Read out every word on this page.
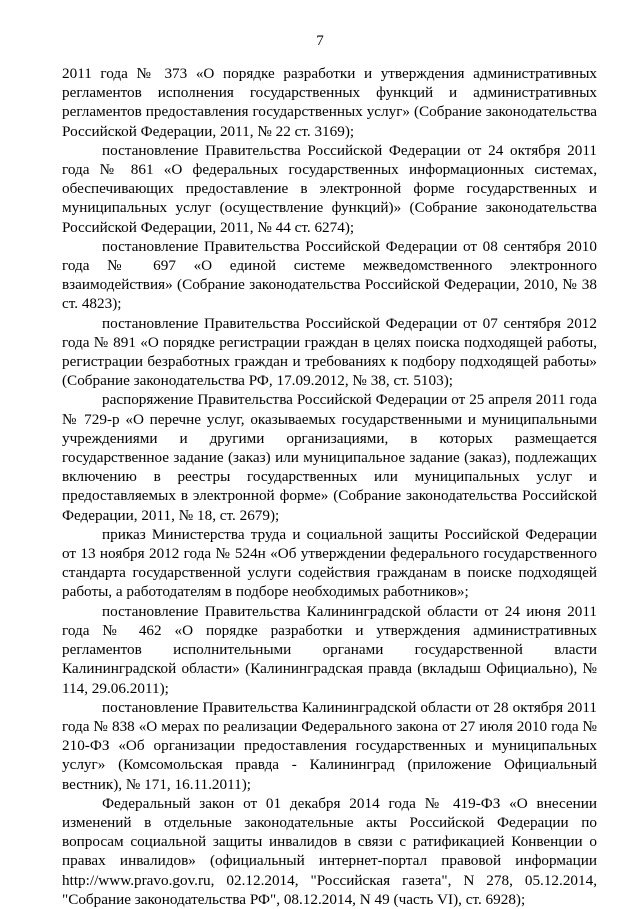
7

2011 года № 373 «О порядке разработки и утверждения административных регламентов исполнения государственных функций и административных регламентов предоставления государственных услуг» (Собрание законодательства Российской Федерации, 2011, № 22 ст. 3169);

постановление Правительства Российской Федерации от 24 октября 2011 года № 861 «О федеральных государственных информационных системах, обеспечивающих предоставление в электронной форме государственных и муниципальных услуг (осуществление функций)» (Собрание законодательства Российской Федерации, 2011, № 44 ст. 6274);

постановление Правительства Российской Федерации от 08 сентября 2010 года № 697 «О единой системе межведомственного электронного взаимодействия» (Собрание законодательства Российской Федерации, 2010, № 38 ст. 4823);

постановление Правительства Российской Федерации от 07 сентября 2012 года № 891 «О порядке регистрации граждан в целях поиска подходящей работы, регистрации безработных граждан и требованиях к подбору подходящей работы» (Собрание законодательства РФ, 17.09.2012, № 38, ст. 5103);

распоряжение Правительства Российской Федерации от 25 апреля 2011 года № 729-р «О перечне услуг, оказываемых государственными и муниципальными учреждениями и другими организациями, в которых размещается государственное задание (заказ) или муниципальное задание (заказ), подлежащих включению в реестры государственных или муниципальных услуг и предоставляемых в электронной форме» (Собрание законодательства Российской Федерации, 2011, № 18, ст. 2679);

приказ Министерства труда и социальной защиты Российской Федерации от 13 ноября 2012 года № 524н «Об утверждении федерального государственного стандарта государственной услуги содействия гражданам в поиске подходящей работы, а работодателям в подборе необходимых работников»;

постановление Правительства Калининградской области от 24 июня 2011 года № 462 «О порядке разработки и утверждения административных регламентов исполнительными органами государственной власти Калининградской области» (Калининградская правда (вкладыш Официально), № 114, 29.06.2011);

постановление Правительства Калининградской области от 28 октября 2011 года № 838 «О мерах по реализации Федерального закона от 27 июля 2010 года № 210-ФЗ «Об организации предоставления государственных и муниципальных услуг» (Комсомольская правда - Калининград (приложение Официальный вестник), № 171, 16.11.2011);

Федеральный закон от 01 декабря 2014 года № 419-ФЗ «О внесении изменений в отдельные законодательные акты Российской Федерации по вопросам социальной защиты инвалидов в связи с ратификацией Конвенции о правах инвалидов» (официальный интернет-портал правовой информации http://www.pravo.gov.ru, 02.12.2014, "Российская газета", N 278, 05.12.2014, "Собрание законодательства РФ", 08.12.2014, N 49 (часть VI), ст. 6928);
